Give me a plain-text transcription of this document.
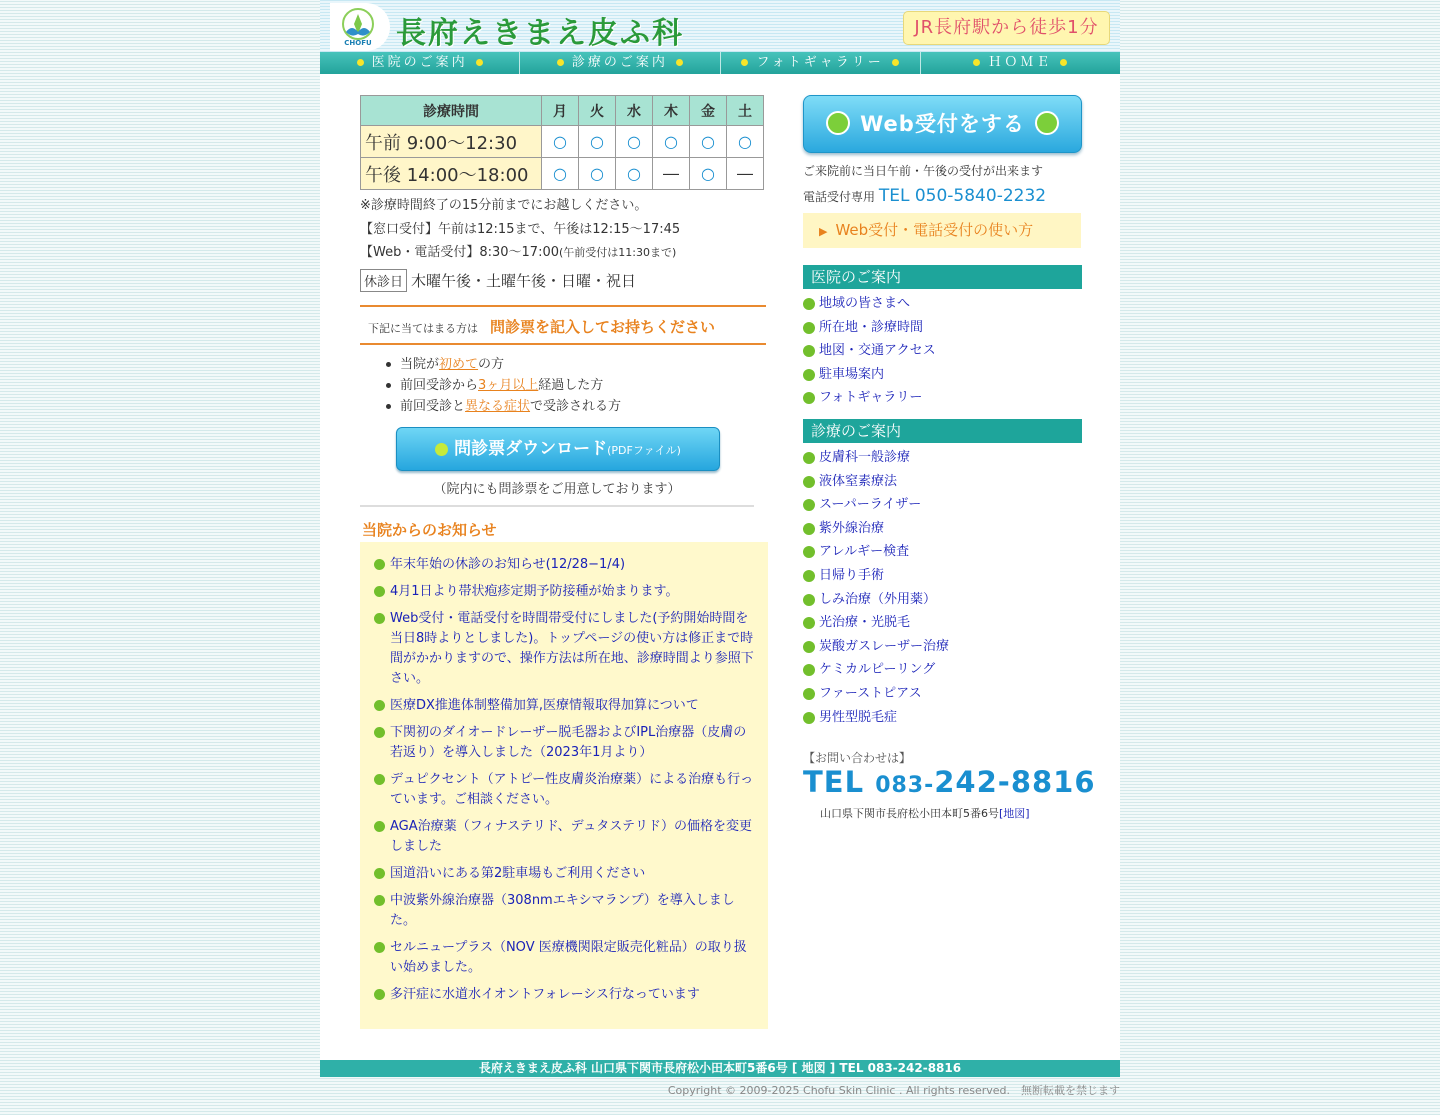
CHOFU 長府えきまえ皮ふ科	JR長府駅から徒歩1分
医院のご案内	診療のご案内	フォトギャラリー	ＨＯＭＥ
診療時間	月	火	水	木	金	土
午前 9:00〜12:30	○	○	○	○	○	○
午後 14:00〜18:00	○	○	○	―	○	―
※診療時間終了の15分前までにお越しください。
【窓口受付】午前は12:15まで、午後は12:15〜17:45
【Web・電話受付】8:30〜17:00(午前受付は11:30まで)
休診日 木曜午後・土曜午後・日曜・祝日
下記に当てはまる方は 問診票を記入してお持ちください
当院が初めての方
前回受診から3ヶ月以上経過した方
前回受診と異なる症状で受診される方
問診票ダウンロード(PDFファイル)
（院内にも問診票をご用意しております）
当院からのお知らせ
年末年始の休診のお知らせ(12/28−1/4)
4月1日より帯状疱疹定期予防接種が始まります。
Web受付・電話受付を時間帯受付にしました(予約開始時間を当日8時よりとしました)。トップページの使い方は修正まで時間がかかりますので、操作方法は所在地、診療時間より参照下さい。
医療DX推進体制整備加算,医療情報取得加算について
下関初のダイオードレーザー脱毛器およびIPL治療器（皮膚の若返り）を導入しました（2023年1月より）
デュピクセント（アトピー性皮膚炎治療薬）による治療も行っています。ご相談ください。
AGA治療薬（フィナステリド、デュタステリド）の価格を変更しました
国道沿いにある第2駐車場もご利用ください
中波紫外線治療器（308nmエキシマランプ）を導入しました。
セルニュープラス（NOV 医療機関限定販売化粧品）の取り扱い始めました。
多汗症に水道水イオントフォレーシス行なっています
Web受付をする
ご来院前に当日午前・午後の受付が出来ます
電話受付専用 TEL 050-5840-2232
▶ Web受付・電話受付の使い方
医院のご案内
地域の皆さまへ
所在地・診療時間
地図・交通アクセス
駐車場案内
フォトギャラリー
診療のご案内
皮膚科一般診療
液体窒素療法
スーパーライザー
紫外線治療
アレルギー検査
日帰り手術
しみ治療（外用薬）
光治療・光脱毛
炭酸ガスレーザー治療
ケミカルピーリング
ファーストピアス
男性型脱毛症
【お問い合わせは】
TEL 083-242-8816
山口県下関市長府松小田本町5番6号[地図]
長府えきまえ皮ふ科 山口県下関市長府松小田本町5番6号 [ 地図 ] TEL 083-242-8816
Copyright © 2009-2025 Chofu Skin Clinic . All rights reserved.　無断転載を禁じます
